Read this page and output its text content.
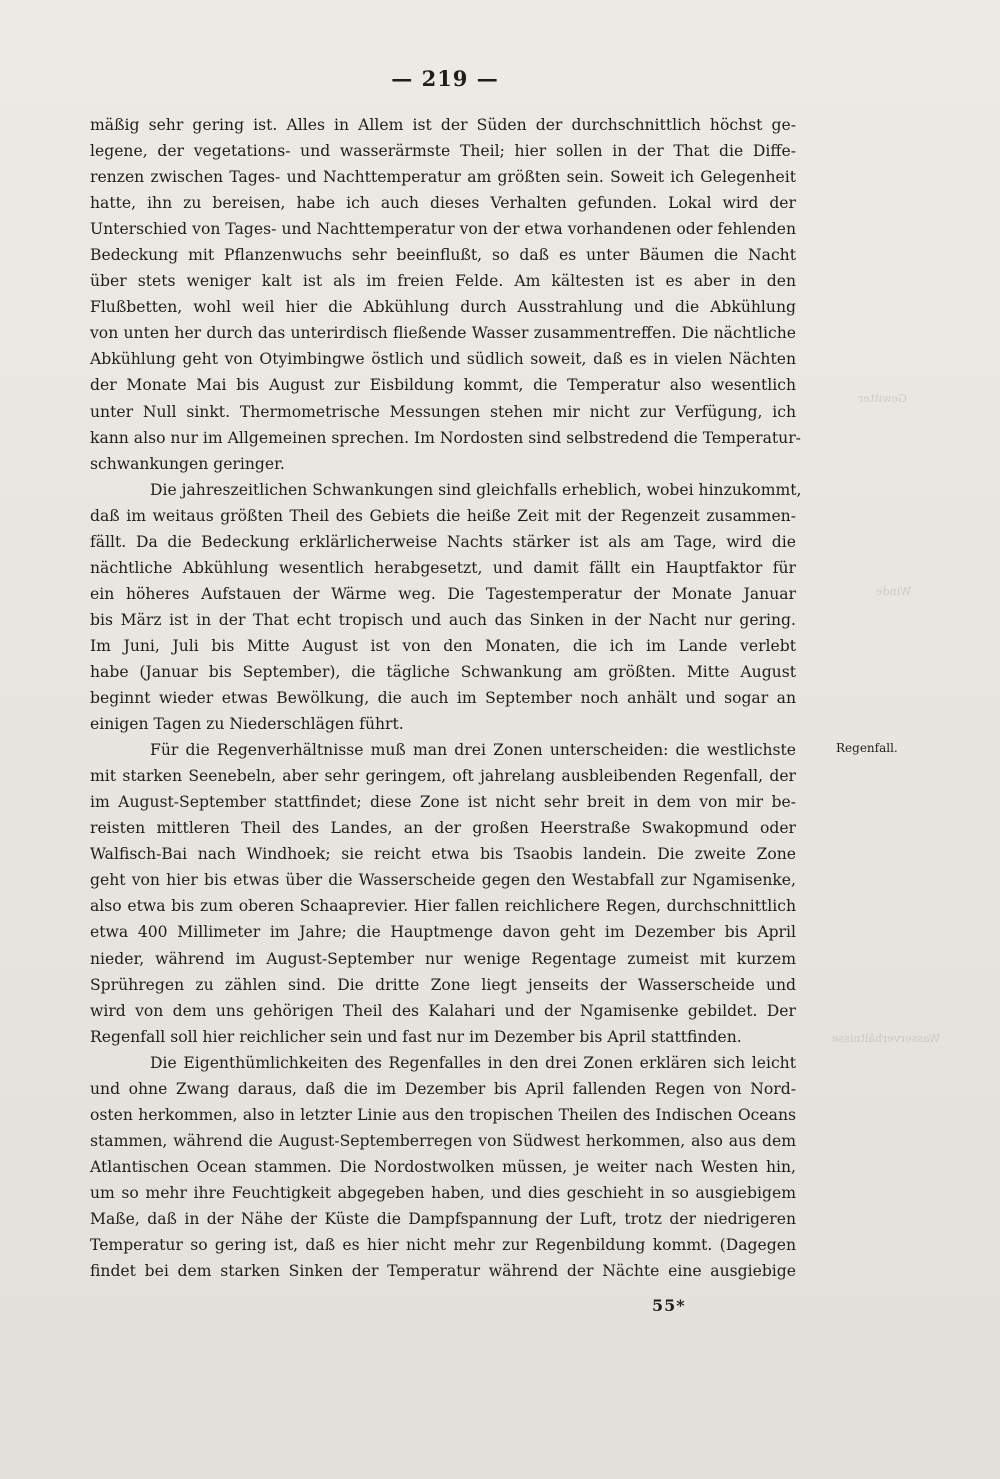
— 219 —
mäßig sehr gering ist. Alles in Allem ist der Süden der durchschnittlich höchst ge-
legene, der vegetations- und wasserärmste Theil; hier sollen in der That die Diffe-
renzen zwischen Tages- und Nachttemperatur am größten sein. Soweit ich Gelegenheit
hatte, ihn zu bereisen, habe ich auch dieses Verhalten gefunden. Lokal wird der
Unterschied von Tages- und Nachttemperatur von der etwa vorhandenen oder fehlenden
Bedeckung mit Pflanzenwuchs sehr beeinflußt, so daß es unter Bäumen die Nacht
über stets weniger kalt ist als im freien Felde. Am kältesten ist es aber in den
Flußbetten, wohl weil hier die Abkühlung durch Ausstrahlung und die Abkühlung
von unten her durch das unterirdisch fließende Wasser zusammentreffen. Die nächtliche
Abkühlung geht von Otyimbingwe östlich und südlich soweit, daß es in vielen Nächten
der Monate Mai bis August zur Eisbildung kommt, die Temperatur also wesentlich
unter Null sinkt. Thermometrische Messungen stehen mir nicht zur Verfügung, ich
kann also nur im Allgemeinen sprechen. Im Nordosten sind selbstredend die Temperatur-
schwankungen geringer.
Die jahreszeitlichen Schwankungen sind gleichfalls erheblich, wobei hinzukommt,
daß im weitaus größten Theil des Gebiets die heiße Zeit mit der Regenzeit zusammen-
fällt. Da die Bedeckung erklärlicherweise Nachts stärker ist als am Tage, wird die
nächtliche Abkühlung wesentlich herabgesetzt, und damit fällt ein Hauptfaktor für
ein höheres Aufstauen der Wärme weg. Die Tagestemperatur der Monate Januar
bis März ist in der That echt tropisch und auch das Sinken in der Nacht nur gering.
Im Juni, Juli bis Mitte August ist von den Monaten, die ich im Lande verlebt
habe (Januar bis September), die tägliche Schwankung am größten. Mitte August
beginnt wieder etwas Bewölkung, die auch im September noch anhält und sogar an
einigen Tagen zu Niederschlägen führt.
Für die Regenverhältnisse muß man drei Zonen unterscheiden: die westlichste
mit starken Seenebeln, aber sehr geringem, oft jahrelang ausbleibenden Regenfall, der
im August-September stattfindet; diese Zone ist nicht sehr breit in dem von mir be-
reisten mittleren Theil des Landes, an der großen Heerstraße Swakopmund oder
Walfisch-Bai nach Windhoek; sie reicht etwa bis Tsaobis landein. Die zweite Zone
geht von hier bis etwas über die Wasserscheide gegen den Westabfall zur Ngamisenke,
also etwa bis zum oberen Schaaprevier. Hier fallen reichlichere Regen, durchschnittlich
etwa 400 Millimeter im Jahre; die Hauptmenge davon geht im Dezember bis April
nieder, während im August-September nur wenige Regentage zumeist mit kurzem
Sprühregen zu zählen sind. Die dritte Zone liegt jenseits der Wasserscheide und
wird von dem uns gehörigen Theil des Kalahari und der Ngamisenke gebildet. Der
Regenfall soll hier reichlicher sein und fast nur im Dezember bis April stattfinden.
Die Eigenthümlichkeiten des Regenfalles in den drei Zonen erklären sich leicht
und ohne Zwang daraus, daß die im Dezember bis April fallenden Regen von Nord-
osten herkommen, also in letzter Linie aus den tropischen Theilen des Indischen Oceans
stammen, während die August-Septemberregen von Südwest herkommen, also aus dem
Atlantischen Ocean stammen. Die Nordostwolken müssen, je weiter nach Westen hin,
um so mehr ihre Feuchtigkeit abgegeben haben, und dies geschieht in so ausgiebigem
Maße, daß in der Nähe der Küste die Dampfspannung der Luft, trotz der niedrigeren
Temperatur so gering ist, daß es hier nicht mehr zur Regenbildung kommt. (Dagegen
findet bei dem starken Sinken der Temperatur während der Nächte eine ausgiebige
Regenfall.
55*
Gewitter
Winde
Wasserverhältnisse
